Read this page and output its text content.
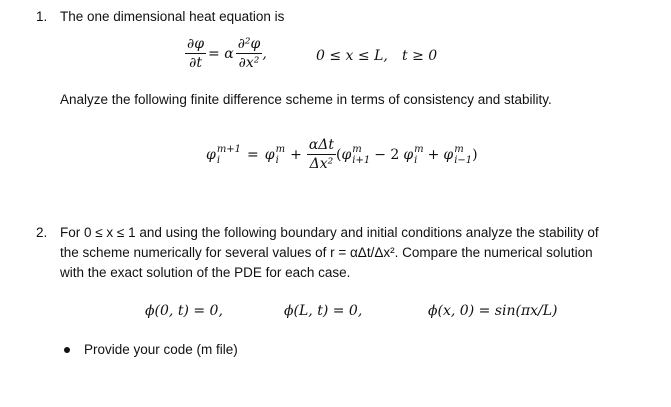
1. The one dimensional heat equation is
$\frac{\partial\varphi}{\partial t} = \alpha \frac{\text{∂²φ}}{\text{∂x²}}$ ,	0 ≤ x ≤ L, t ≥ 0
Analyze the following finite difference scheme in terms of consistency and stability.
φ m+1
i	= φ m
$i + \frac{\text{αΔt}}{\text{Δx²}}$ ( φ m
i+1 − 2 φ m
i + φ m
i−1 )
2. For 0 ≤ x ≤ 1 and using the following boundary and initial conditions analyze the stability of
the scheme numerically for several values of r = αΔt/Δx². Compare the numerical solution
with the exact solution of the PDE for each case.
ϕ(0, t) = 0,	ϕ(L, t) = 0,	ϕ(x, 0) = sin(πx/L)
Provide your code (m file)
